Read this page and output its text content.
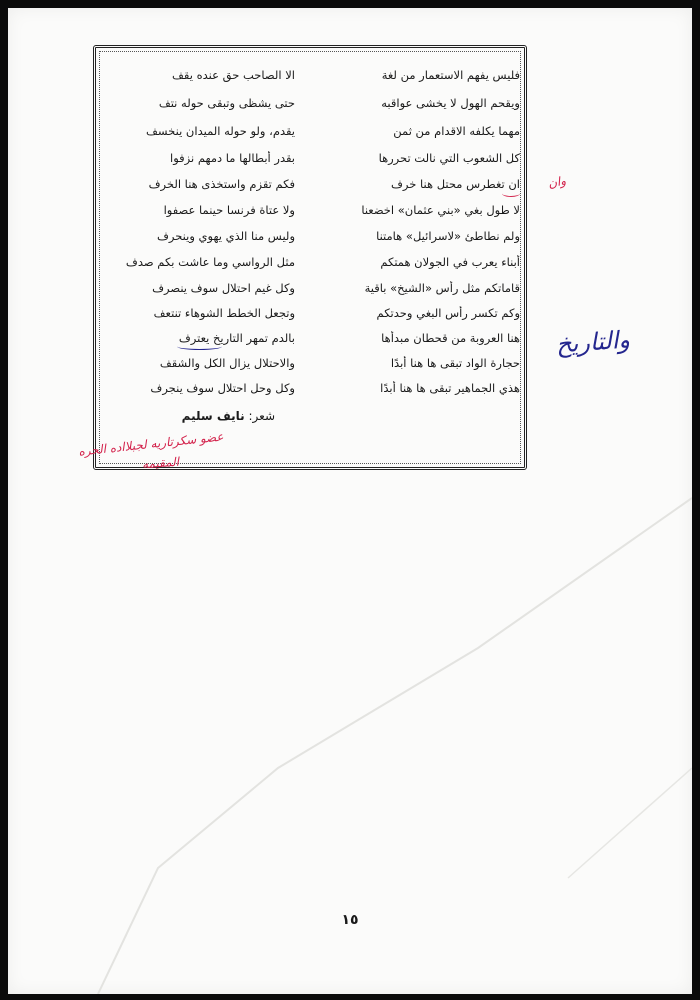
فليس يفهم الاستعمار من لغة
الا الصاحب حق عنده يقف
ويقحم الهول لا يخشى عواقبه
حتى يشظى وتبقى حوله نتف
مهما يكلفه الاقدام من ثمن
يقدم، ولو حوله الميدان ينخسف
كل الشعوب التي نالت تحررها
بقدر أبطالها ما دمهم نزفوا
ان تغطرس محتل هنا خرف
فكم تقزم واستخذى هنا الخرف
لا طول بغي «بني عثمان» اخضعنا
ولا عتاة فرنسا حينما عصفوا
ولم نطاطئ «لاسرائيل» هامتنا
وليس منا الذي يهوي وينحرف
أبناء يعرب في الجولان همتكم
مثل الرواسي وما عاشت بكم صدف
قاماتكم مثل رأس «الشيخ» باقية
وكل غيم احتلال سوف ينصرف
وكم تكسر رأس البغي وحدتكم
وتجعل الخطط الشوهاء تنتعف
هنا العروبة من قحطان مبدأها
بالدم تمهر التاريخ يعترف
حجارة الواد تبقى ها هنا أبدًا
والاحتلال يزال الكل والشقف
هذي الجماهير تبقى ها هنا أبدًا
وكل وحل احتلال سوف ينجرف
شعر: نايف سليم
عضو سكرتاريه لجبلااده الحره
المقيمه
وان
والتاريخ
١٥
